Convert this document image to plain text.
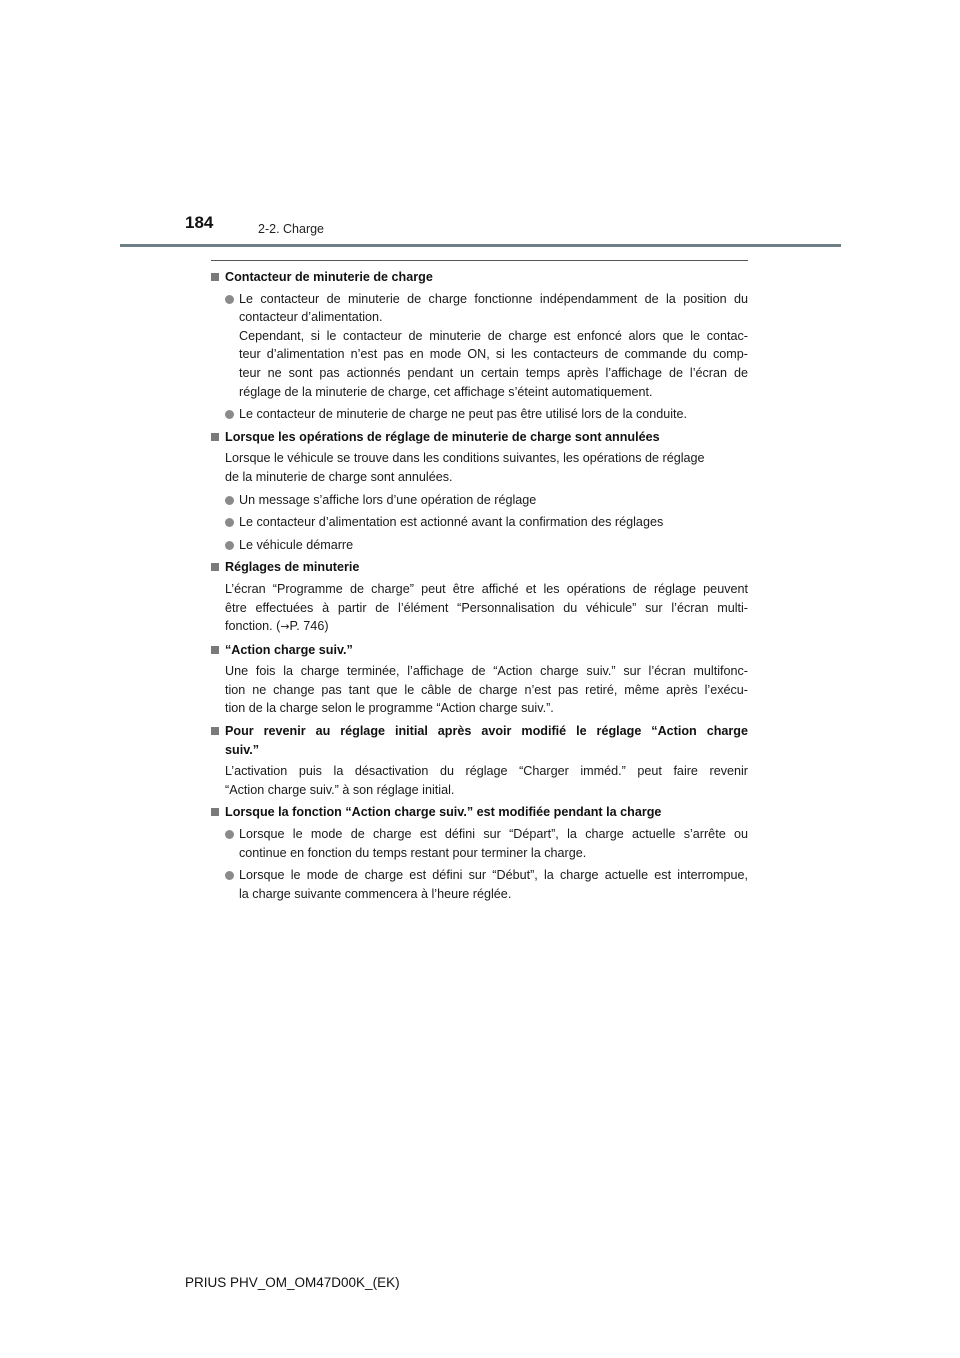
184	2-2. Charge
Contacteur de minuterie de charge
Le contacteur de minuterie de charge fonctionne indépendamment de la position du
contacteur d’alimentation.
Cependant, si le contacteur de minuterie de charge est enfoncé alors que le contac-
teur d’alimentation n’est pas en mode ON, si les contacteurs de commande du comp-
teur ne sont pas actionnés pendant un certain temps après l’affichage de l’écran de
réglage de la minuterie de charge, cet affichage s’éteint automatiquement.
Le contacteur de minuterie de charge ne peut pas être utilisé lors de la conduite.
Lorsque les opérations de réglage de minuterie de charge sont annulées
Lorsque le véhicule se trouve dans les conditions suivantes, les opérations de réglage
de la minuterie de charge sont annulées.
Un message s’affiche lors d’une opération de réglage
Le contacteur d’alimentation est actionné avant la confirmation des réglages
Le véhicule démarre
Réglages de minuterie
L’écran “Programme de charge” peut être affiché et les opérations de réglage peuvent
être effectuées à partir de l’élément “Personnalisation du véhicule” sur l’écran multi-
fonction. (→P. 746)
“Action charge suiv.”
Une fois la charge terminée, l’affichage de “Action charge suiv.” sur l’écran multifonc-
tion ne change pas tant que le câble de charge n’est pas retiré, même après l’exécu-
tion de la charge selon le programme “Action charge suiv.”.
Pour revenir au réglage initial après avoir modifié le réglage “Action charge
suiv.”
L’activation puis la désactivation du réglage “Charger imméd.” peut faire revenir
“Action charge suiv.” à son réglage initial.
Lorsque la fonction “Action charge suiv.” est modifiée pendant la charge
Lorsque le mode de charge est défini sur “Départ”, la charge actuelle s’arrête ou
continue en fonction du temps restant pour terminer la charge.
Lorsque le mode de charge est défini sur “Début”, la charge actuelle est interrompue,
la charge suivante commencera à l’heure réglée.
PRIUS PHV_OM_OM47D00K_(EK)
